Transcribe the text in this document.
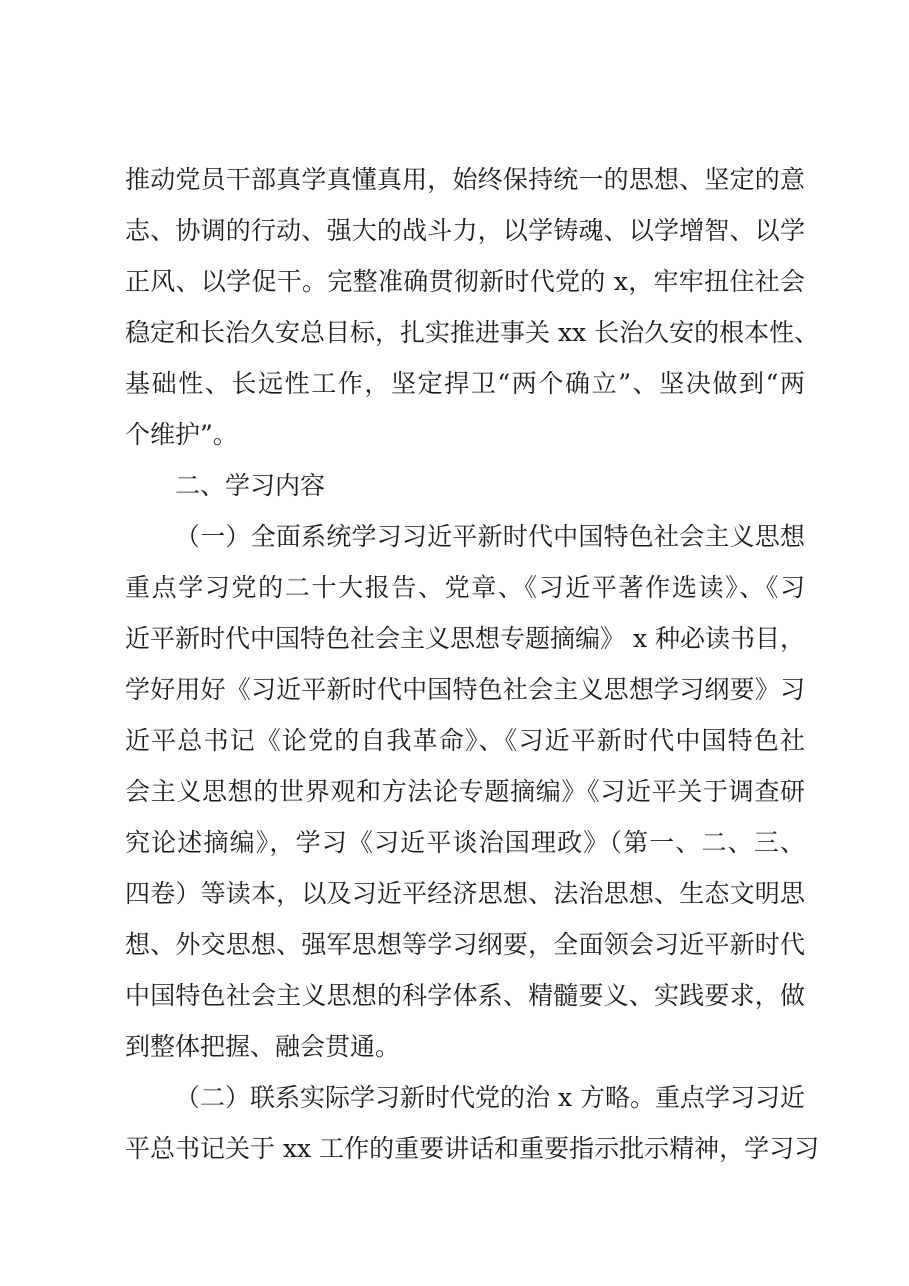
推动党员干部真学真懂真用，始终保持统一的思想、坚定的意
志、协调的行动、强大的战斗力，以学铸魂、以学增智、以学
正风、以学促干。完整准确贯彻新时代党的 x，牢牢扭住社会
稳定和长治久安总目标，扎实推进事关 xx 长治久安的根本性、
基础性、长远性工作，坚定捍卫“两个确立”、坚决做到“两
个维护”。
二、学习内容
（一）全面系统学习习近平新时代中国特色社会主义思想
重点学习党的二十大报告、党章、《习近平著作选读》、《习
近平新时代中国特色社会主义思想专题摘编》 x 种必读书目，
学好用好《习近平新时代中国特色社会主义思想学习纲要》习
近平总书记《论党的自我革命》、《习近平新时代中国特色社
会主义思想的世界观和方法论专题摘编》《习近平关于调查研
究论述摘编》，学习《习近平谈治国理政》（第一、二、三、
四卷）等读本，以及习近平经济思想、法治思想、生态文明思
想、外交思想、强军思想等学习纲要，全面领会习近平新时代
中国特色社会主义思想的科学体系、精髓要义、实践要求，做
到整体把握、融会贯通。
（二）联系实际学习新时代党的治 x 方略。重点学习习近
平总书记关于 xx 工作的重要讲话和重要指示批示精神，学习习
